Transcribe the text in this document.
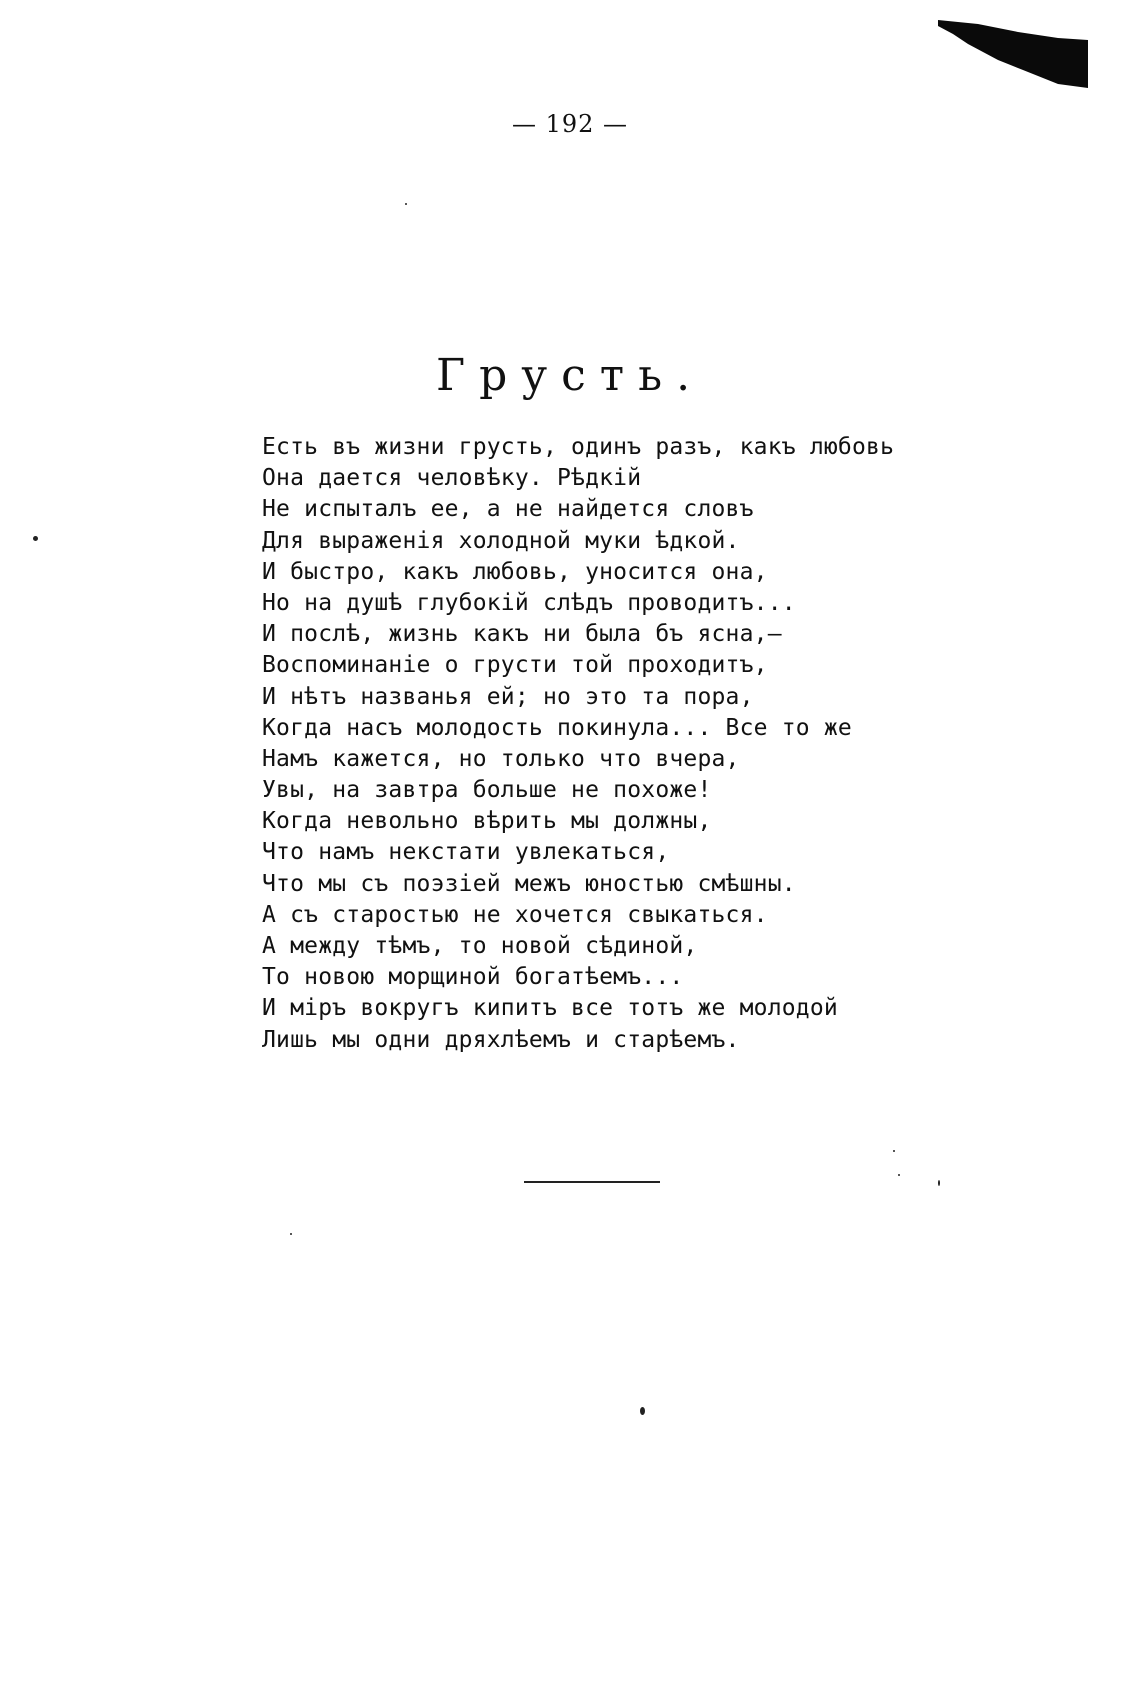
— 192 —
Грусть.
Есть въ жизни грусть, одинъ разъ, какъ любовь
Она дается человѣку. Рѣдкій
Не испыталъ ее, а не найдется словъ
Для выраженія холодной муки ѣдкой.
И быстро, какъ любовь, уносится она,
Но на душѣ глубокій слѣдъ проводитъ...
И послѣ, жизнь какъ ни была бъ ясна,—
Воспоминаніе о грусти той проходитъ,
И нѣтъ названья ей; но это та пора,
Когда насъ молодость покинула... Все то же
Намъ кажется, но только что вчера,
Увы, на завтра больше не похоже!
Когда невольно вѣрить мы должны,
Что намъ некстати увлекаться,
Что мы съ поэзіей межъ юностью смѣшны.
А съ старостью не хочется свыкаться.
А между тѣмъ, то новой сѣдиной,
То новою морщиной богатѣемъ...
И міръ вокругъ кипитъ все тотъ же молодой
Лишь мы одни дряхлѣемъ и старѣемъ.
